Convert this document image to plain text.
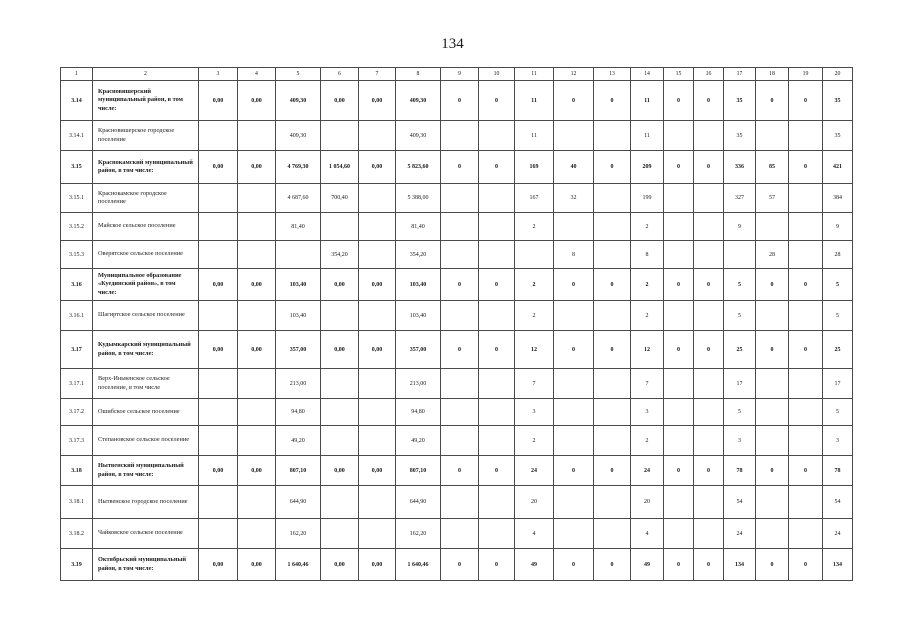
134
1	2	3	4	5	6	7	8	9	10	11	12	13	14	15	16	17	18	19	20
3.14	Красновишерский муниципальный район, в том числе:	0,00	0,00	409,30	0,00	0,00	409,30	0	0	11	0	0	11	0	0	35	0	0	35
3.14.1	Красновишерское городское поселение			409,30			409,30			11			11			35			35
3.15	Краснокамский муниципальный район, в том числе:	0,00	0,00	4 769,30	1 054,60	0,00	5 823,60	0	0	169	40	0	209	0	0	336	85	0	421
3.15.1	Краснокамское городское поселение			4 687,60	700,40		5 388,00			167	32		199			327	57		384
3.15.2	Майское сельское поселение			81,40			81,40			2			2			9			9
3.15.3	Оверятское сельское поселение				354,20		354,20				8		8				28		28
3.16	Муниципальное образование «Куединский район», в том числе:	0,00	0,00	103,40	0,00	0,00	103,40	0	0	2	0	0	2	0	0	5	0	0	5
3.16.1	Шагиртское сельское поселение			103,40			103,40			2			2			5			5
3.17	Кудымкарский муниципальный район, в том числе:	0,00	0,00	357,00	0,00	0,00	357,00	0	0	12	0	0	12	0	0	25	0	0	25
3.17.1	Верх-Иньвенское сельское поселение, в том числе			213,00			213,00			7			7			17			17
3.17.2	Ошибское сельское поселение			94,80			94,80			3			3			5			5
3.17.3	Степановское сельское поселение			49,20			49,20			2			2			3			3
3.18	Нытвенский муниципальный район, в том числе:	0,00	0,00	807,10	0,00	0,00	807,10	0	0	24	0	0	24	0	0	78	0	0	78
3.18.1	Нытвенское городское поселение			644,90			644,90			20			20			54			54
3.18.2	Чайковское сельское поселение			162,20			162,20			4			4			24			24
3.19	Октябрьский муниципальный район, в том числе:	0,00	0,00	1 640,46	0,00	0,00	1 640,46	0	0	49	0	0	49	0	0	134	0	0	134
